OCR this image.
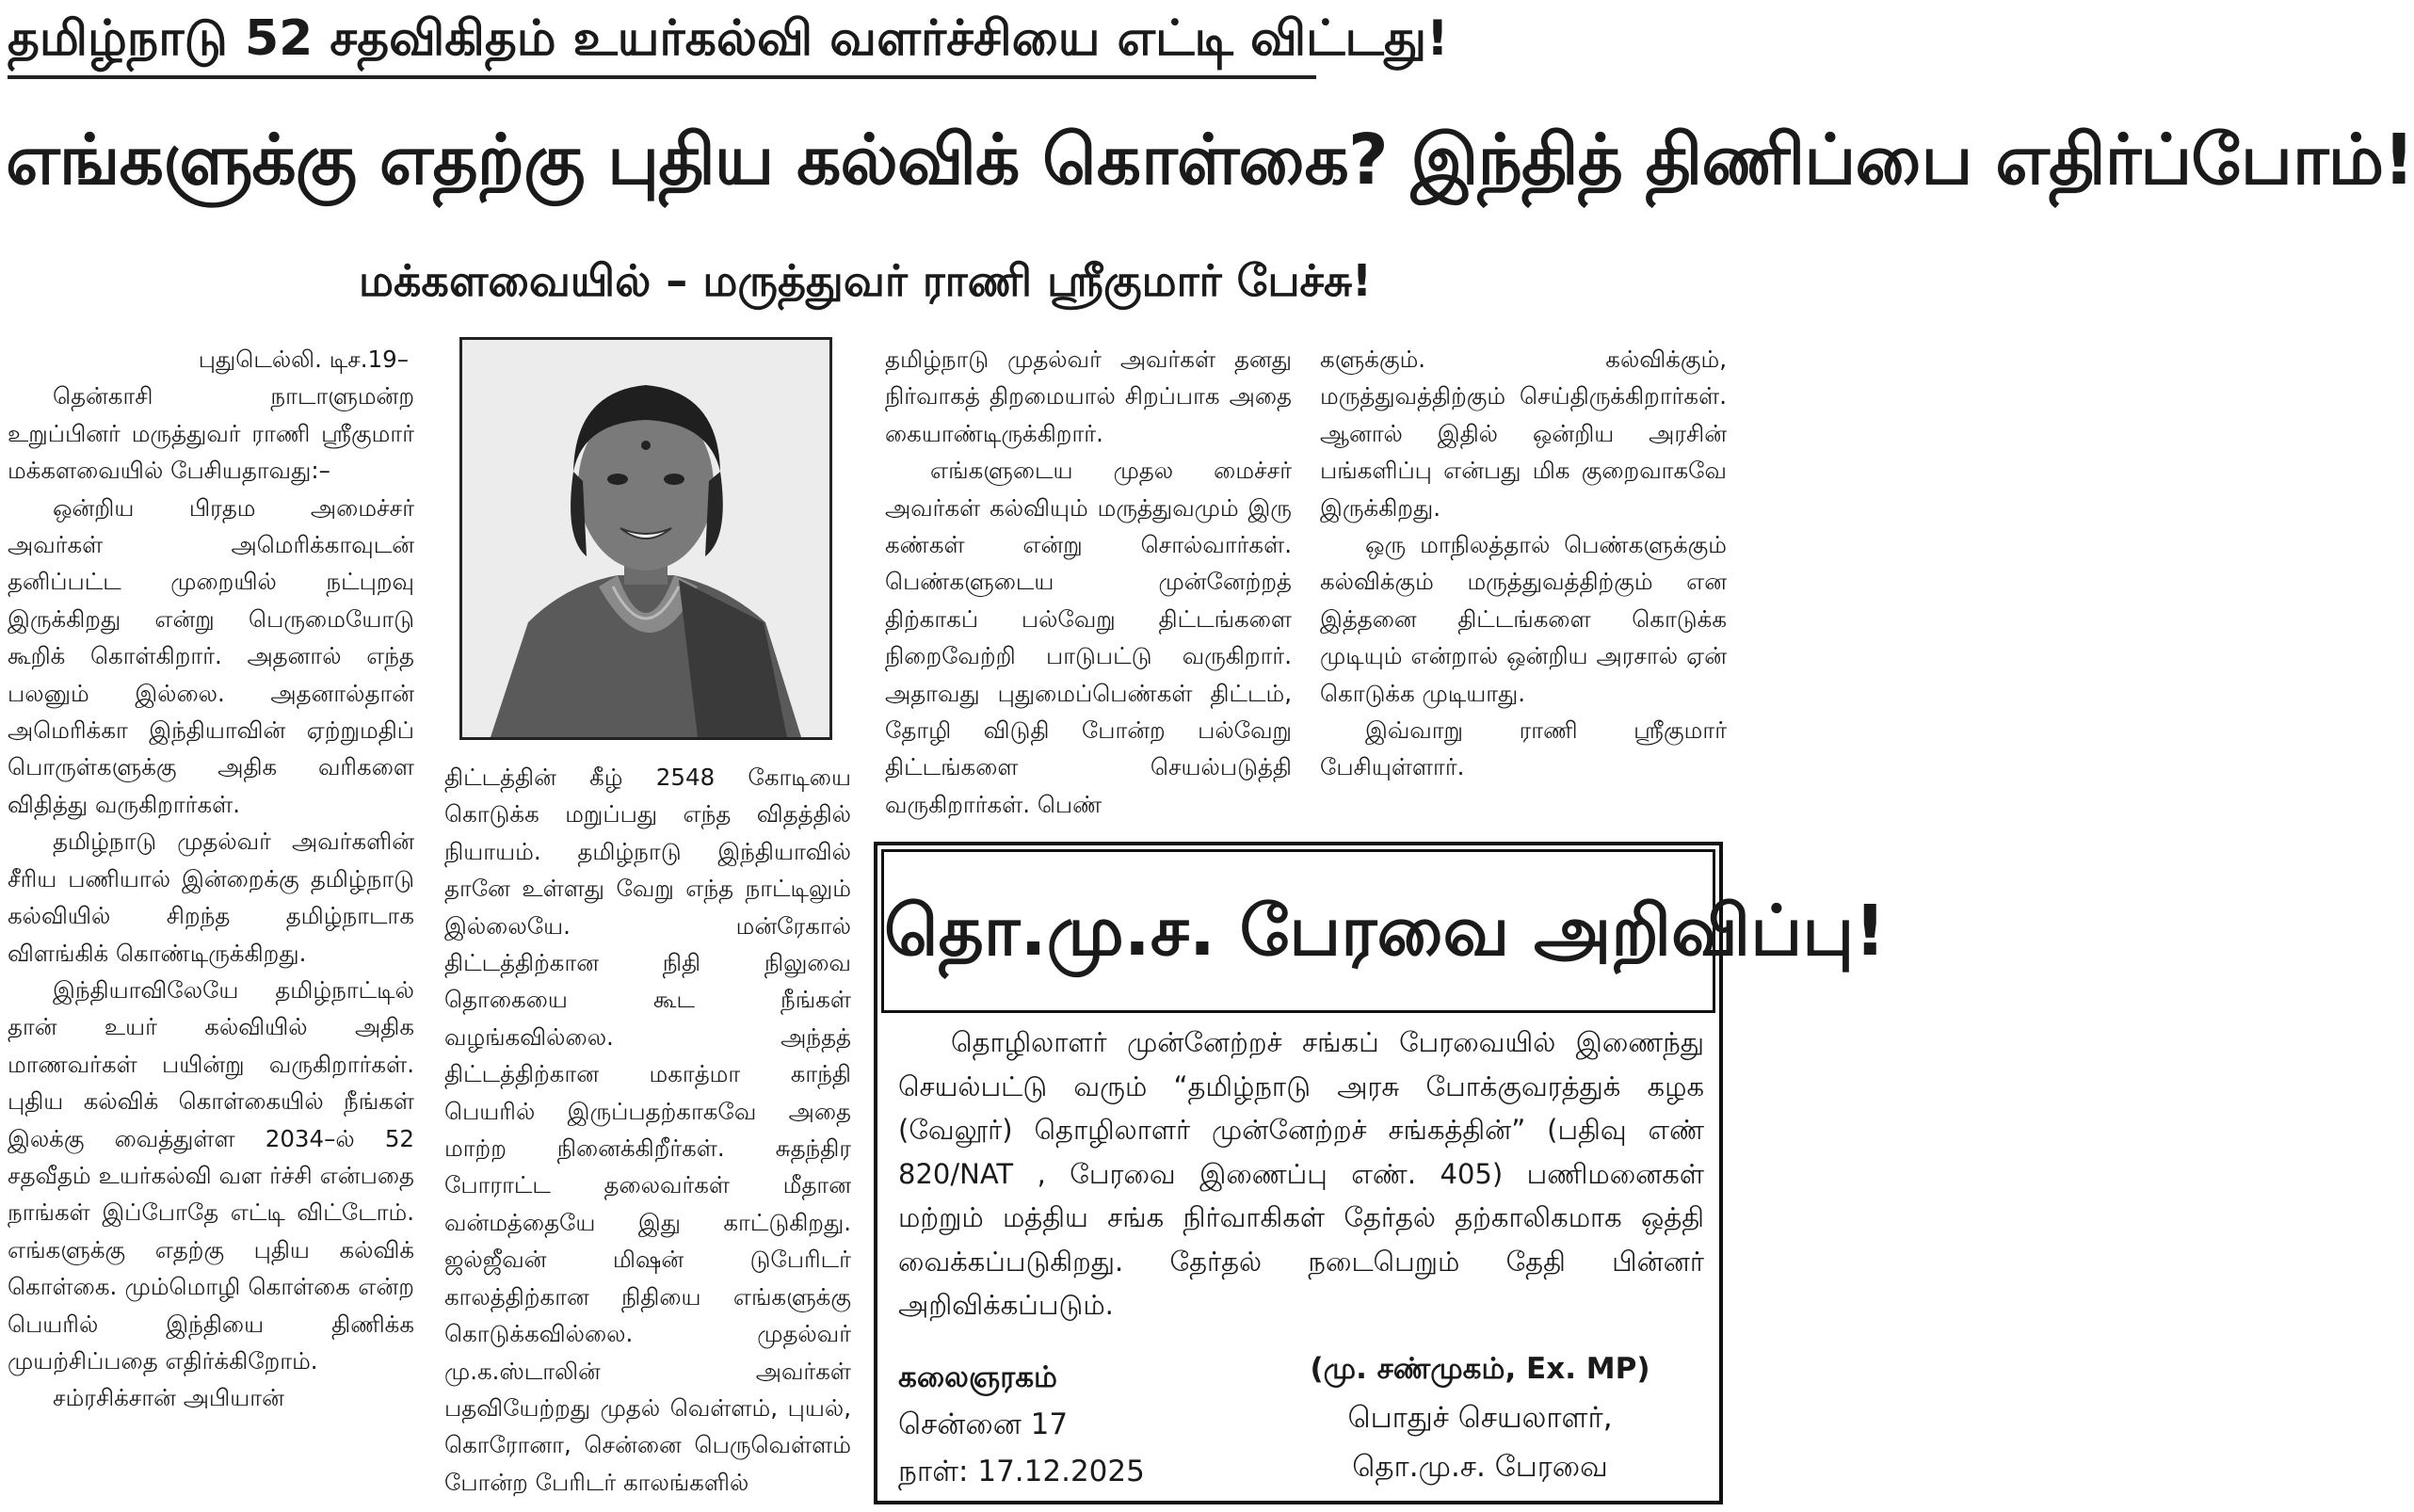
தமிழ்நாடு 52 சதவிகிதம் உயர்கல்வி வளர்ச்சியை எட்டி விட்டது!
எங்களுக்கு எதற்கு புதிய கல்விக் கொள்கை? இந்தித் திணிப்பை எதிர்ப்போம்!
மக்களவையில் – மருத்துவர் ராணி ஸ்ரீகுமார் பேச்சு!

புதுடெல்லி. டிச.19–

தென்காசி நாடாளுமன்ற உறுப்பினர் மருத்துவர் ராணி ஸ்ரீகுமார் மக்களவையில் பேசியதாவது:–

ஒன்றிய பிரதம அமைச்சர் அவர்கள் அமெரிக்காவுடன் தனிப்பட்ட முறையில் நட்புறவு இருக்கிறது என்று பெருமையோடு கூறிக் கொள்கிறார். அதனால் எந்த பலனும் இல்லை. அதனால்தான் அமெரிக்கா இந்தியாவின் ஏற்றுமதிப் பொருள்களுக்கு அதிக வரிகளை விதித்து வருகிறார்கள்.

தமிழ்நாடு முதல்வர் அவர்களின் சீரிய பணியால் இன்றைக்கு தமிழ்நாடு கல்வியில் சிறந்த தமிழ்நாடாக விளங்கிக் கொண்டிருக்கிறது.

இந்தியாவிலேயே தமிழ்நாட்டில் தான் உயர் கல்வியில் அதிக மாணவர்கள் பயின்று வருகிறார்கள். புதிய கல்விக் கொள்கையில் நீங்கள் இலக்கு வைத்துள்ள 2034–ல் 52 சதவீதம் உயர்கல்வி வள ர்ச்சி என்பதை நாங்கள் இப்போதே எட்டி விட்டோம். எங்களுக்கு எதற்கு புதிய கல்விக் கொள்கை. மும்மொழி கொள்கை என்ற பெயரில் இந்தியை திணிக்க முயற்சிப்பதை எதிர்க்கிறோம்.

சம்ரசிக்சான் அபியான்

திட்டத்தின் கீழ் 2548 கோடியை கொடுக்க மறுப்பது எந்த விதத்தில் நியாயம். தமிழ்நாடு இந்தியாவில் தானே உள்ளது வேறு எந்த நாட்டிலும் இல்லையே. மன்ரேகால் திட்டத்திற்கான நிதி நிலுவை தொகையை கூட நீங்கள் வழங்கவில்லை. அந்தத் திட்டத்திற்கான மகாத்மா காந்தி பெயரில் இருப்பதற்காகவே அதை மாற்ற நினைக்கிறீர்கள். சுதந்திர போராட்ட தலைவர்கள் மீதான வன்மத்தையே இது காட்டுகிறது. ஜல்ஜீவன் மிஷன் டுபேரிடர் காலத்திற்கான நிதியை எங்களுக்கு கொடுக்கவில்லை. முதல்வர் மு.க.ஸ்டாலின் அவர்கள் பதவியேற்றது முதல் வெள்ளம், புயல், கொரோனா, சென்னை பெருவெள்ளம் போன்ற பேரிடர் காலங்களில்

தமிழ்நாடு முதல்வர் அவர்கள் தனது நிர்வாகத் திறமையால் சிறப்பாக அதை கையாண்டிருக்கிறார்.

எங்களுடைய முதல மைச்சர் அவர்கள் கல்வியும் மருத்துவமும் இரு கண்கள் என்று சொல்வார்கள். பெண்களுடைய முன்னேற்றத் திற்காகப் பல்வேறு திட்டங்களை நிறைவேற்றி பாடுபட்டு வருகிறார். அதாவது புதுமைப்பெண்கள் திட்டம், தோழி விடுதி போன்ற பல்வேறு திட்டங்களை செயல்படுத்தி வருகிறார்கள். பெண்

களுக்கும். கல்விக்கும், மருத்துவத்திற்கும் செய்திருக்கிறார்கள். ஆனால் இதில் ஒன்றிய அரசின் பங்களிப்பு என்பது மிக குறைவாகவே இருக்கிறது.

ஒரு மாநிலத்தால் பெண்களுக்கும் கல்விக்கும் மருத்துவத்திற்கும் என இத்தனை திட்டங்களை கொடுக்க முடியும் என்றால் ஒன்றிய அரசால் ஏன் கொடுக்க முடியாது.

இவ்வாறு ராணி ஸ்ரீகுமார் பேசியுள்ளார்.

தொ.மு.ச. பேரவை அறிவிப்பு!

தொழிலாளர் முன்னேற்றச் சங்கப் பேரவையில் இணைந்து செயல்பட்டு வரும் “தமிழ்நாடு அரசு போக்குவரத்துக் கழக (வேலூர்) தொழிலாளர் முன்னேற்றச் சங்கத்தின்” (பதிவு எண் 820/NAT , பேரவை இணைப்பு எண். 405) பணிமனைகள் மற்றும் மத்திய சங்க நிர்வாகிகள் தேர்தல் தற்காலிகமாக ஒத்தி வைக்கப்படுகிறது. தேர்தல் நடைபெறும் தேதி பின்னர் அறிவிக்கப்படும்.

கலைஞரகம்
சென்னை 17
நாள்: 17.12.2025
(மு. சண்முகம், Ex. MP)
பொதுச் செயலாளர்,
தொ.மு.ச. பேரவை
